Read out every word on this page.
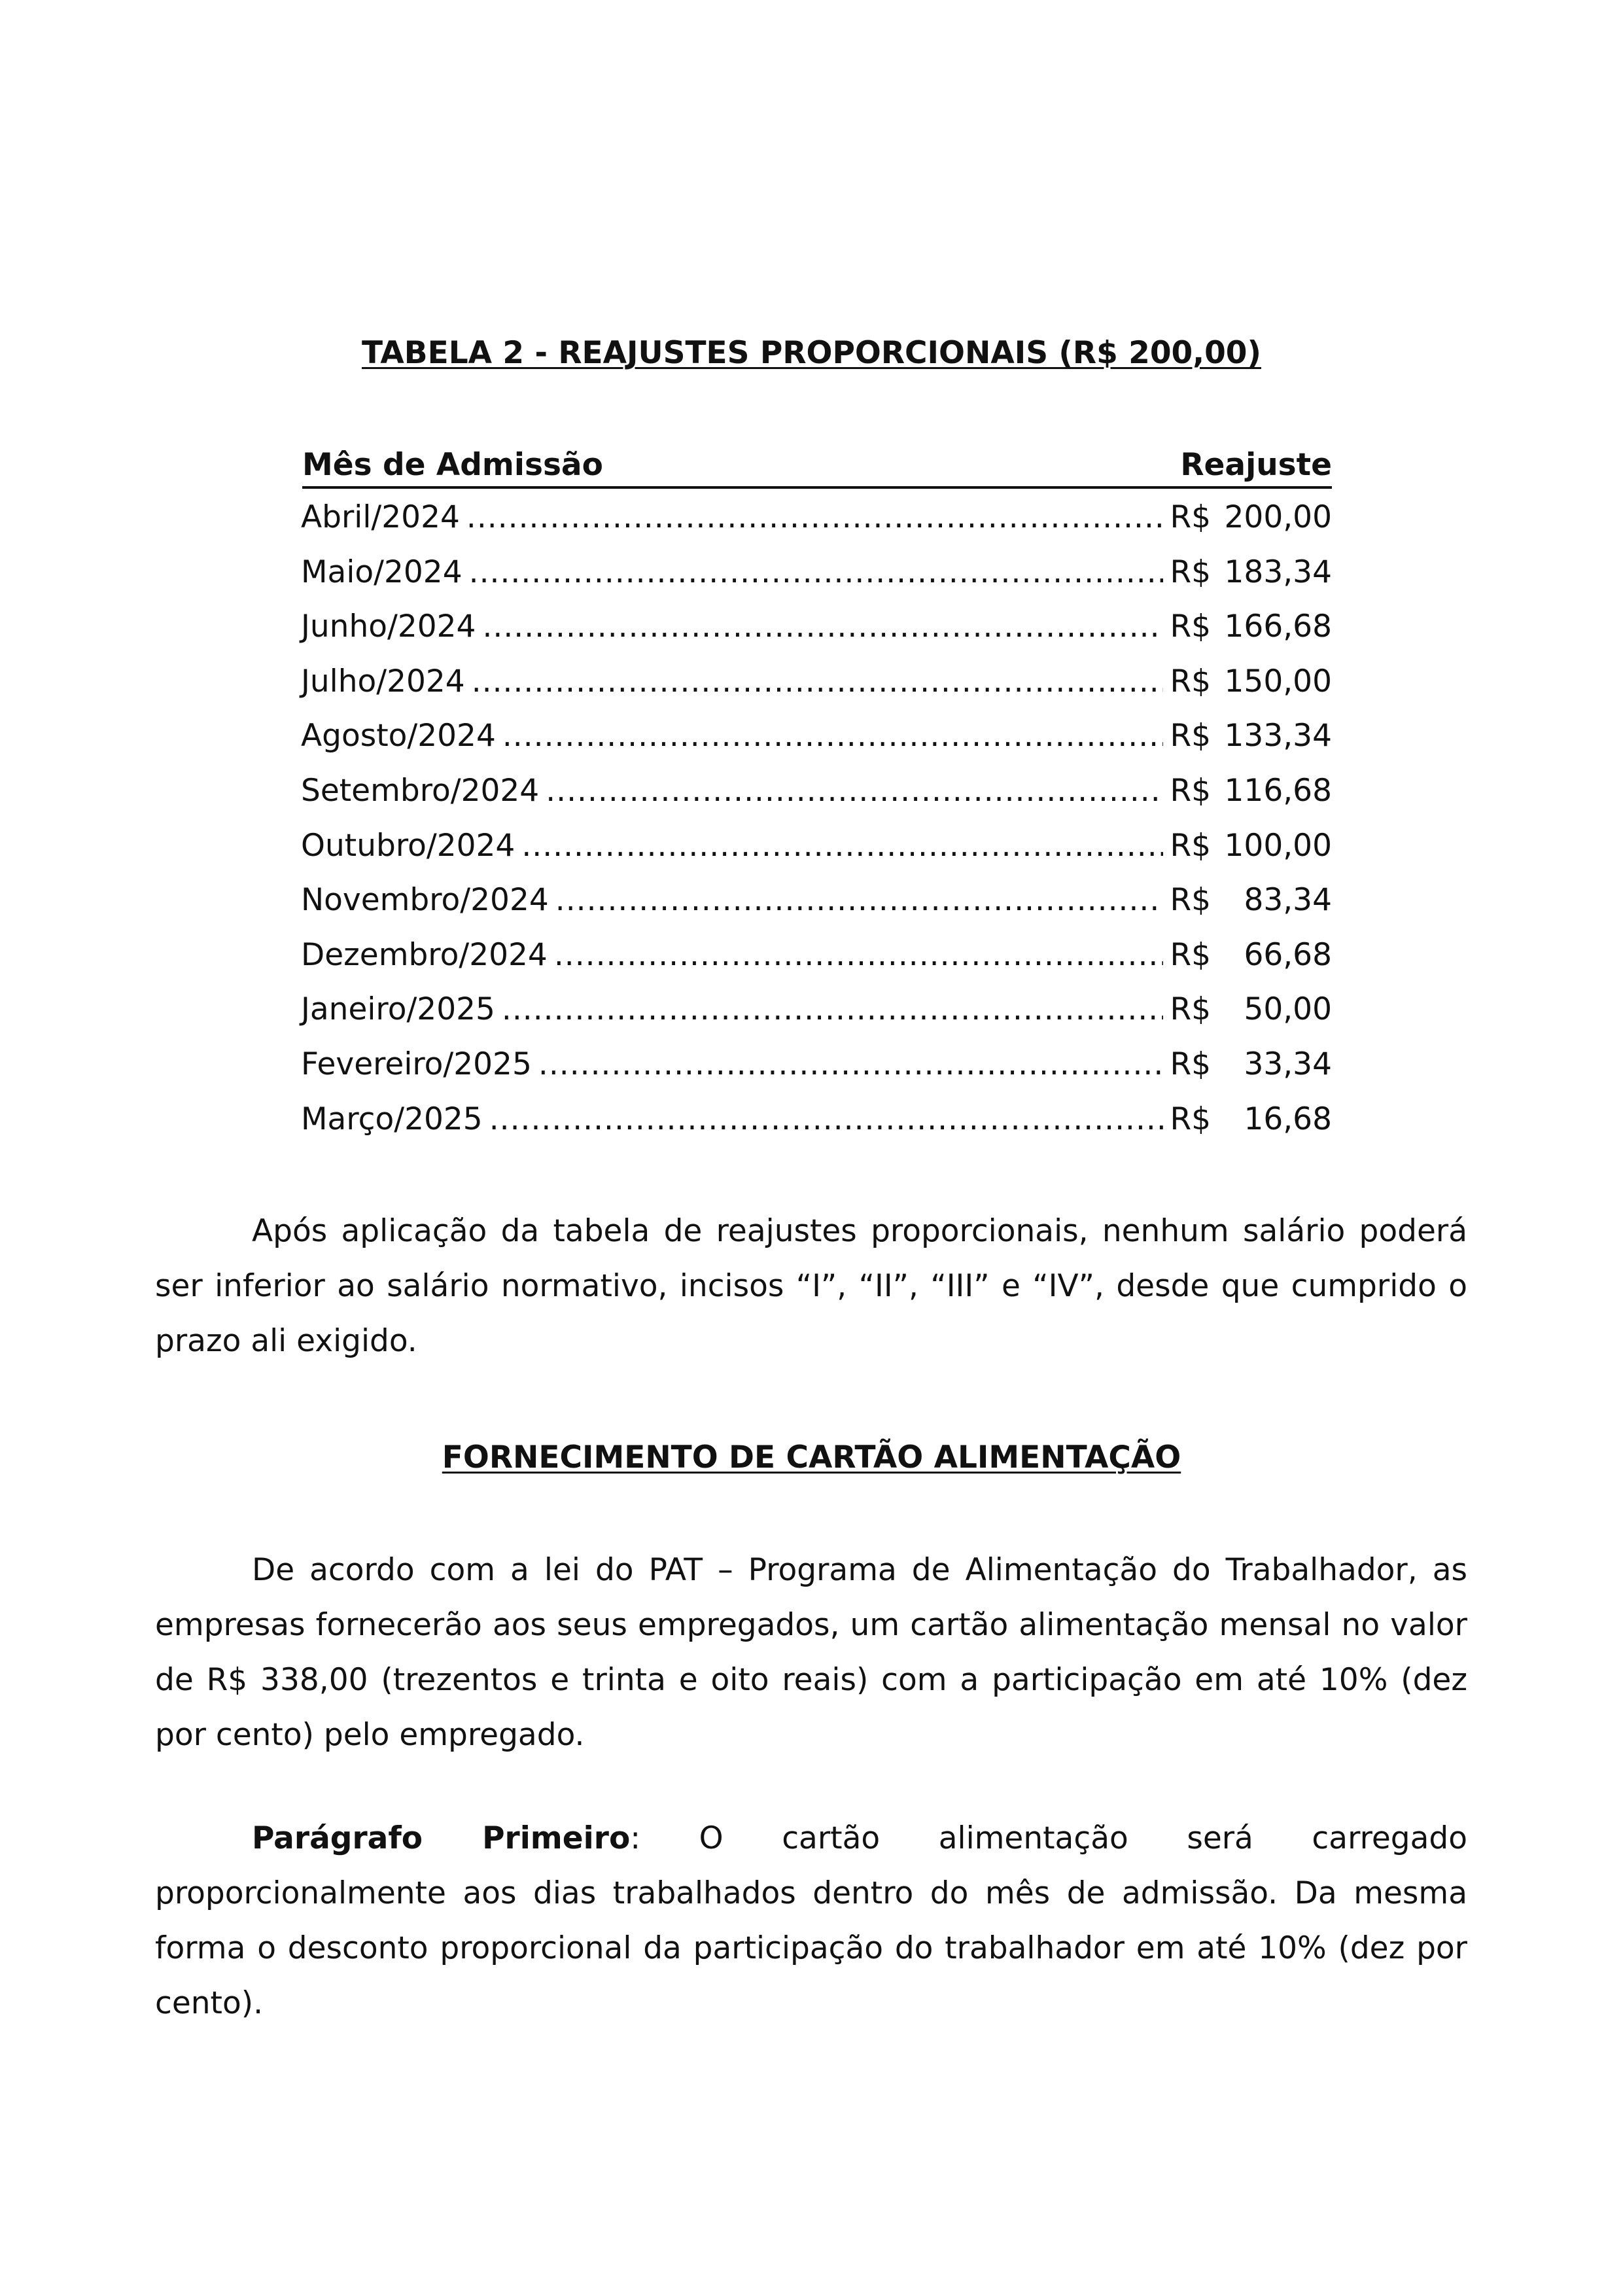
TABELA 2 - REAJUSTES PROPORCIONAIS (R$ 200,00)
Mês de Admissão	Reajuste
Abril/2024 .....	R$ 200,00
Maio/2024 .....	R$ 183,34
Junho/2024 .....	R$ 166,68
Julho/2024 .....	R$ 150,00
Agosto/2024 .....	R$ 133,34
Setembro/2024 .....	R$ 116,68
Outubro/2024 .....	R$ 100,00
Novembro/2024 .....	R$	83,34
Dezembro/2024 .....	R$	66,68
Janeiro/2025 .....	R$	50,00
Fevereiro/2025 .....	R$	33,34
Março/2025 .....	R$	16,68

Após aplicação da tabela de reajustes proporcionais, nenhum salário poderá ser inferior ao salário normativo, incisos “I”, “II”, “III” e “IV”, desde que cumprido o prazo ali exigido.

FORNECIMENTO DE CARTÃO ALIMENTAÇÃO

De acordo com a lei do PAT – Programa de Alimentação do Trabalhador, as empresas fornecerão aos seus empregados, um cartão alimentação mensal no valor de R$ 338,00 (trezentos e trinta e oito reais) com a participação em até 10% (dez por cento) pelo empregado.

Parágrafo Primeiro: O cartão alimentação será carregado proporcionalmente aos dias trabalhados dentro do mês de admissão. Da mesma forma o desconto proporcional da participação do trabalhador em até 10% (dez por cento).
